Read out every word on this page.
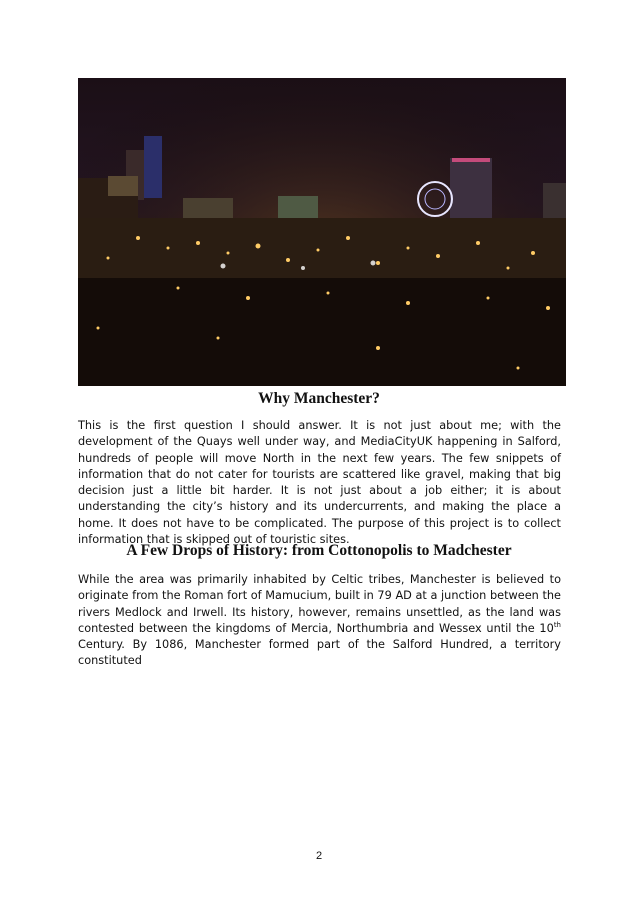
Why Manchester?

This is the first question I should answer. It is not just about me; with the development of the Quays well under way, and MediaCityUK happening in Salford, hundreds of people will move North in the next few years. The few snippets of information that do not cater for tourists are scattered like gravel, making that big decision just a little bit harder. It is not just about a job either; it is about understanding the city’s history and its undercurrents, and making the place a home. It does not have to be complicated. The purpose of this project is to collect information that is skipped out of touristic sites.

A Few Drops of History: from Cottonopolis to Madchester

While the area was primarily inhabited by Celtic tribes, Manchester is believed to originate from the Roman fort of Mamucium, built in 79 AD at a junction between the rivers Medlock and Irwell. Its history, however, remains unsettled, as the land was contested between the kingdoms of Mercia, Northumbria and Wessex until the 10th Century. By 1086, Manchester formed part of the Salford Hundred, a territory constituted

2
